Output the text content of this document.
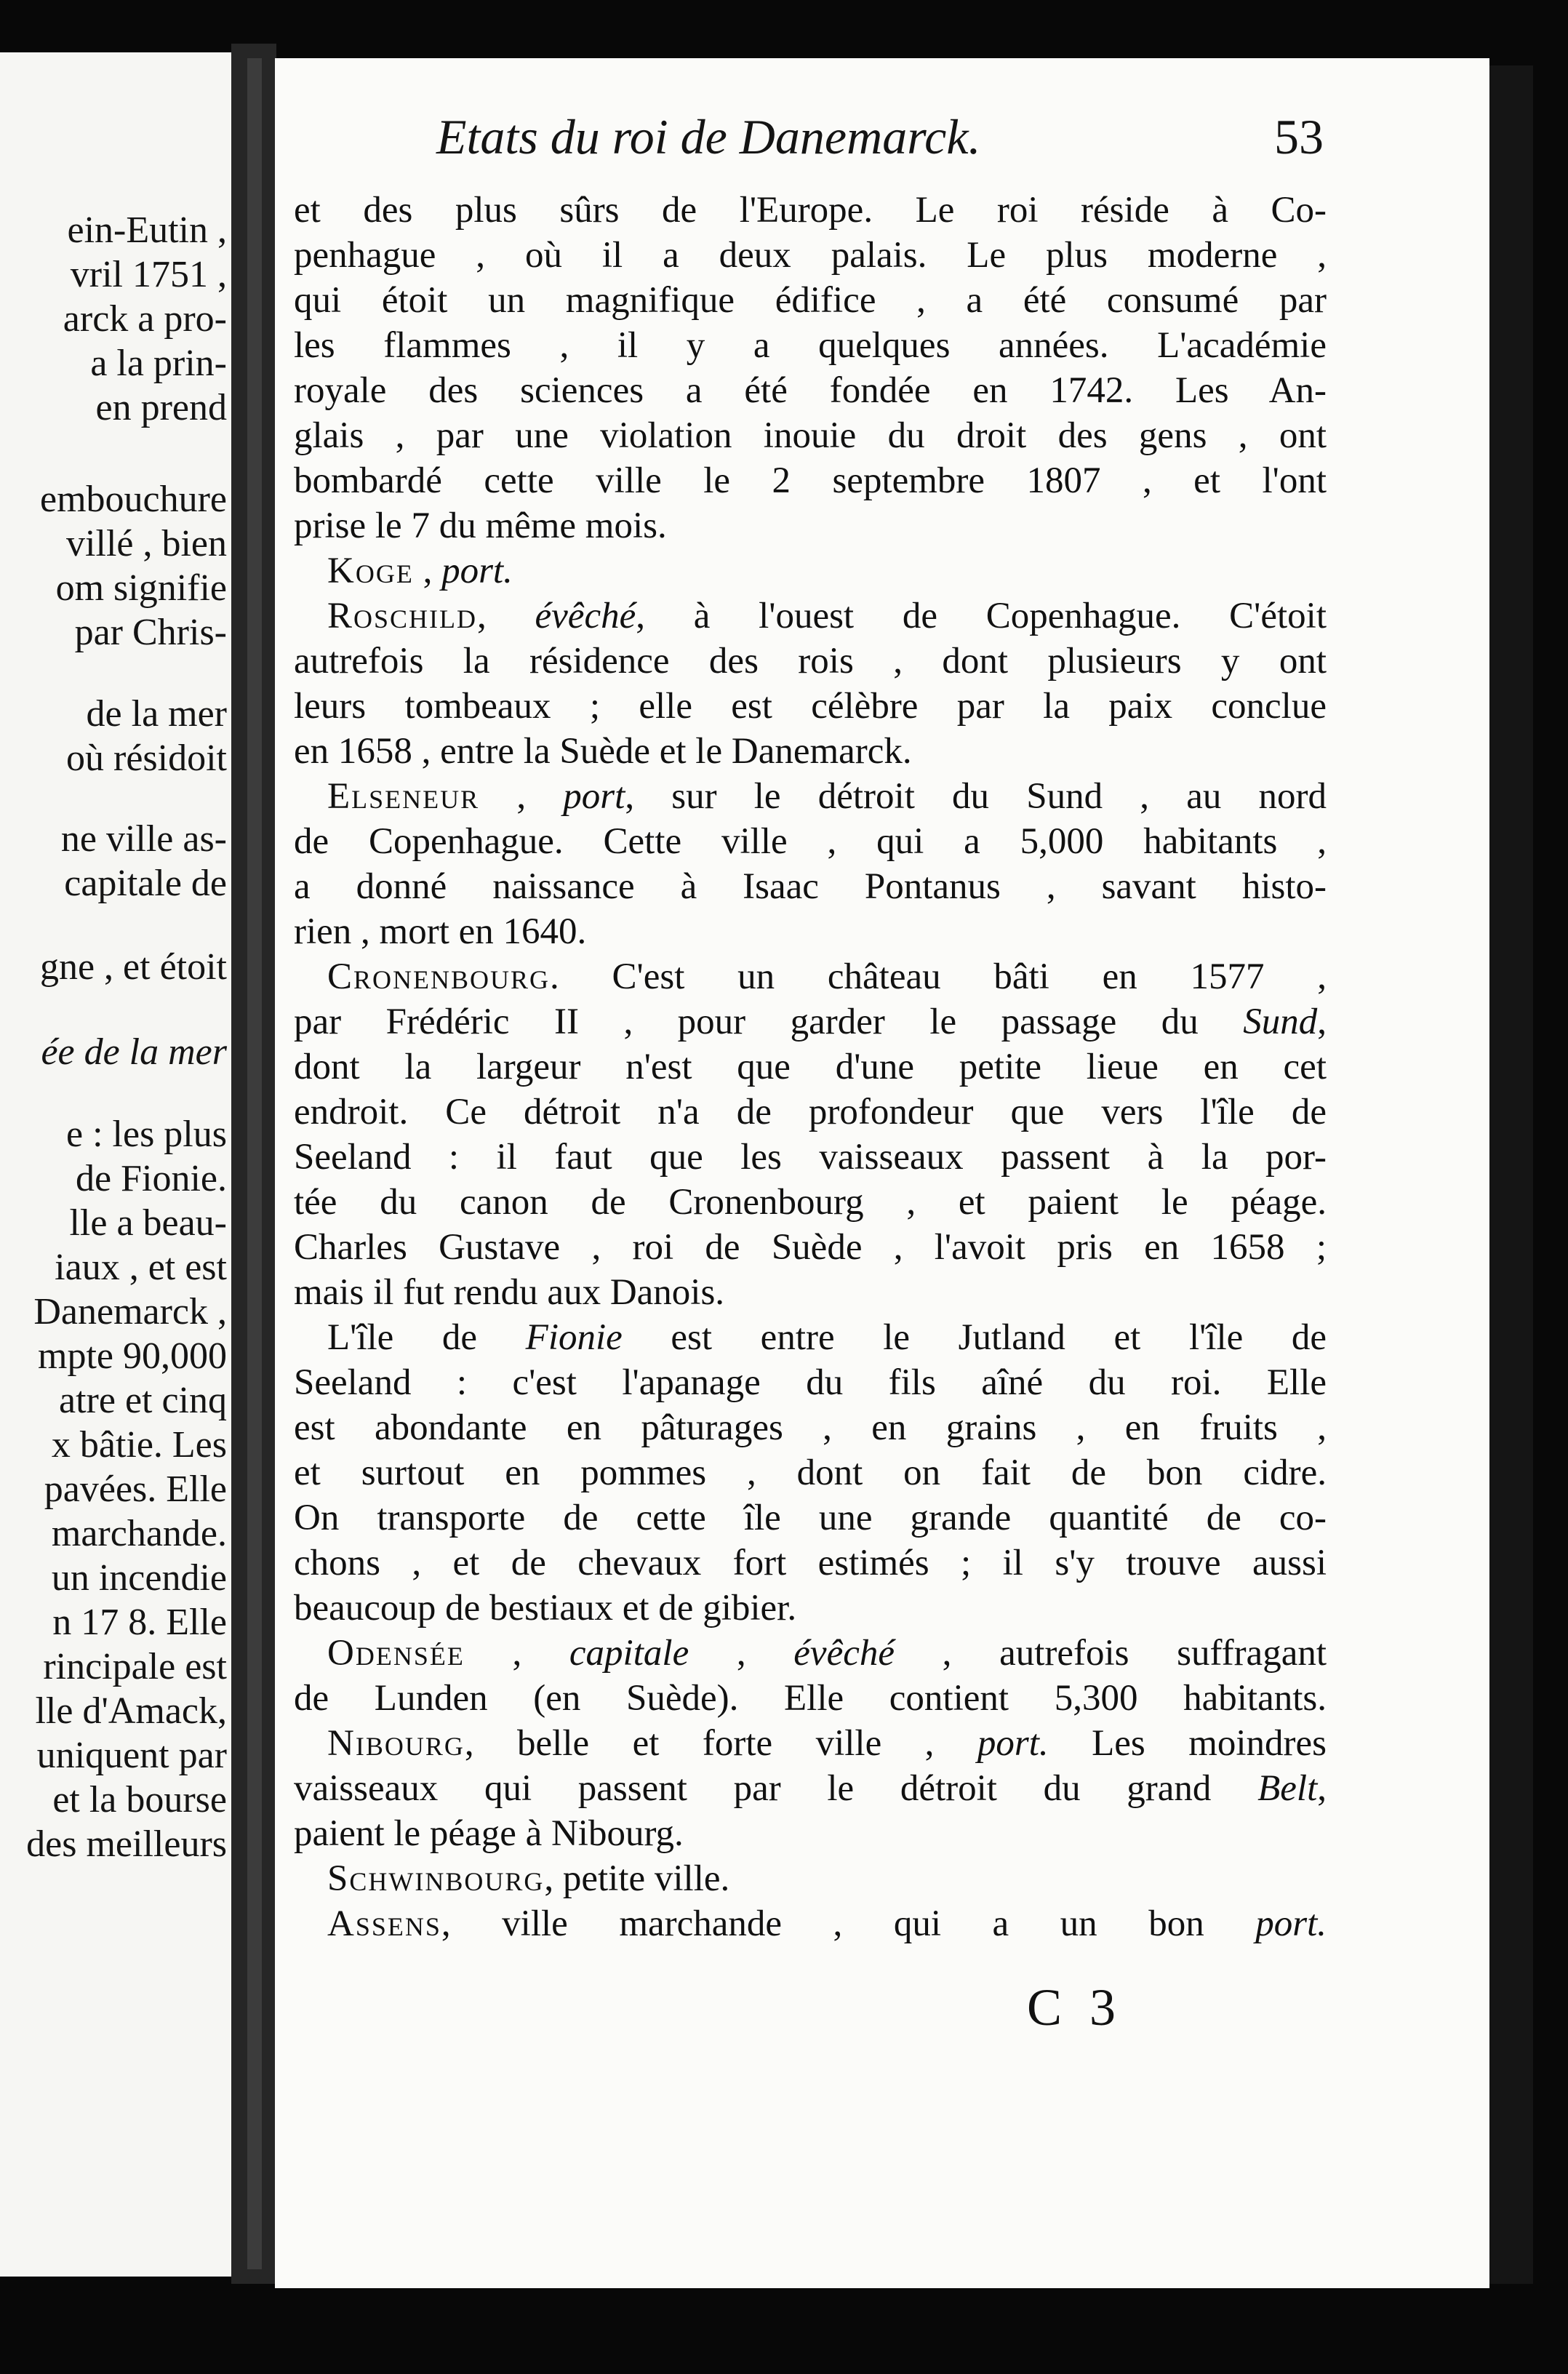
ein-Eutin ,
vril 1751 ,
arck a pro-
a la prin-
en prend
embouchure
villé , bien
om signifie
par Chris-
de la mer
où résidoit
ne ville as-
capitale de
gne , et étoit
ée de la mer
e : les plus
de Fionie.
lle a beau-
iaux , et est
Danemarck ,
mpte 90,000
atre et cinq
x bâtie. Les
pavées. Elle
marchande.
un incendie
n 17 8. Elle
rincipale est
lle d'Amack,
uniquent par
et la bourse
des meilleurs
Etats du roi de Danemarck.	53
et des plus sûrs de l'Europe. Le roi réside à Co-
penhague , où il a deux palais. Le plus moderne ,
qui étoit un magnifique édifice , a été consumé par
les flammes , il y a quelques années. L'académie
royale des sciences a été fondée en 1742. Les An-
glais , par une violation inouie du droit des gens , ont
bombardé cette ville le 2 septembre 1807 , et l'ont
prise le 7 du même mois.
Koge , port.
Roschild, évêché, à l'ouest de Copenhague. C'étoit
autrefois la résidence des rois , dont plusieurs y ont
leurs tombeaux ; elle est célèbre par la paix conclue
en 1658 , entre la Suède et le Danemarck.
Elseneur , port, sur le détroit du Sund , au nord
de Copenhague. Cette ville , qui a 5,000 habitants ,
a donné naissance à Isaac Pontanus , savant histo-
rien , mort en 1640.
Cronenbourg. C'est un château bâti en 1577 ,
par Frédéric II , pour garder le passage du Sund,
dont la largeur n'est que d'une petite lieue en cet
endroit. Ce détroit n'a de profondeur que vers l'île de
Seeland : il faut que les vaisseaux passent à la por-
tée du canon de Cronenbourg , et paient le péage.
Charles Gustave , roi de Suède , l'avoit pris en 1658 ;
mais il fut rendu aux Danois.
L'île de Fionie est entre le Jutland et l'île de
Seeland : c'est l'apanage du fils aîné du roi. Elle
est abondante en pâturages , en grains , en fruits ,
et surtout en pommes , dont on fait de bon cidre.
On transporte de cette île une grande quantité de co-
chons , et de chevaux fort estimés ; il s'y trouve aussi
beaucoup de bestiaux et de gibier.
Odensée , capitale , évêché , autrefois suffragant
de Lunden (en Suède). Elle contient 5,300 habitants.
Nibourg, belle et forte ville , port. Les moindres
vaisseaux qui passent par le détroit du grand Belt,
paient le péage à Nibourg.
Schwinbourg, petite ville.
Assens, ville marchande , qui a un bon port.
C 3
